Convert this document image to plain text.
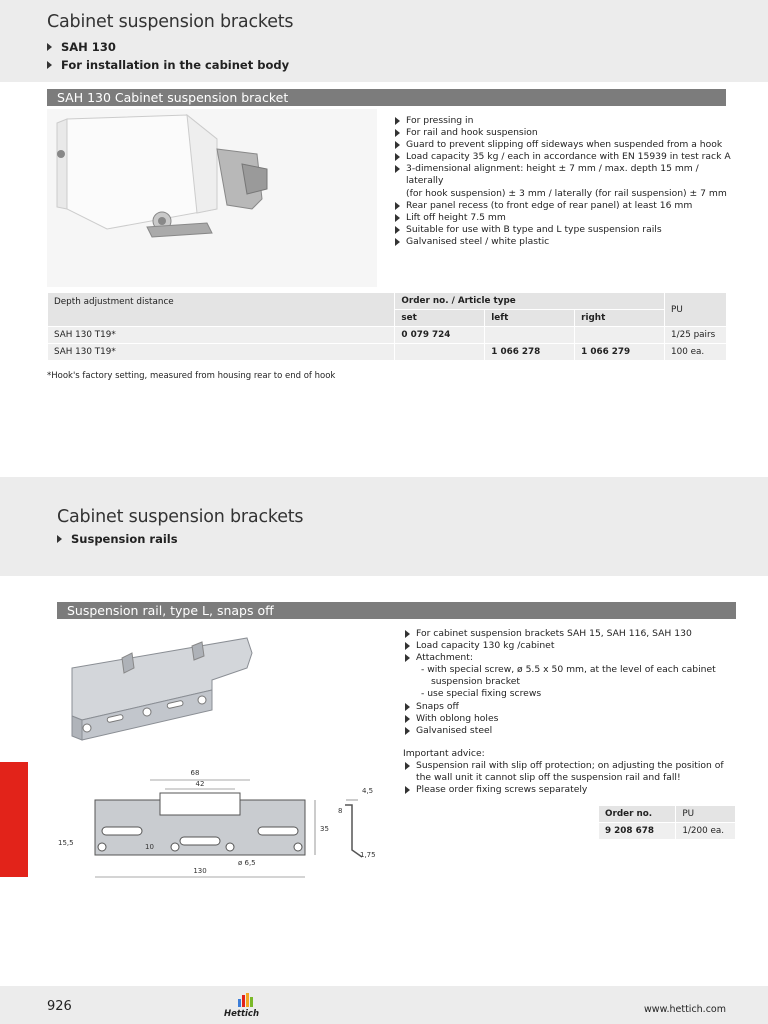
Cabinet suspension brackets
SAH 130
For installation in the cabinet body
SAH 130 Cabinet suspension bracket
For pressing in
For rail and hook suspension
Guard to prevent slipping off sideways when suspended from a hook
Load capacity 35 kg / each in accordance with EN 15939 in test rack A
3-dimensional alignment: height ± 7 mm / max. depth 15 mm / laterally
(for hook suspension) ± 3 mm / laterally (for rail suspension) ± 7 mm
Rear panel recess (to front edge of rear panel) at least 16 mm
Lift off height 7.5 mm
Suitable for use with B type and L type suspension rails
Galvanised steel / white plastic
Depth adjustment distance	Order no. / Article type			PU
	set	left	right	
SAH 130 T19*	0 079 724			1/25 pairs
SAH 130 T19*		1 066 278	1 066 279	100 ea.
*Hook's factory setting, measured from housing rear to end of hook
Cabinet suspension brackets
Suspension rails
Suspension rail, type L, snaps off
68
42
15,5	10
ø 6,5
130
35
8
4,5
1,75
For cabinet suspension brackets SAH 15, SAH 116, SAH 130
Load capacity 130 kg /cabinet
Attachment:
- with special screw, ø 5.5 x 50 mm, at the level of each cabinet
suspension bracket
- use special fixing screws
Snaps off
With oblong holes
Galvanised steel
Important advice:
Suspension rail with slip off protection; on adjusting the position of
the wall unit it cannot slip off the suspension rail and fall!
Please order fixing screws separately
Order no.	PU
9 208 678	1/200 ea.
926	Hettich	www.hettich.com
